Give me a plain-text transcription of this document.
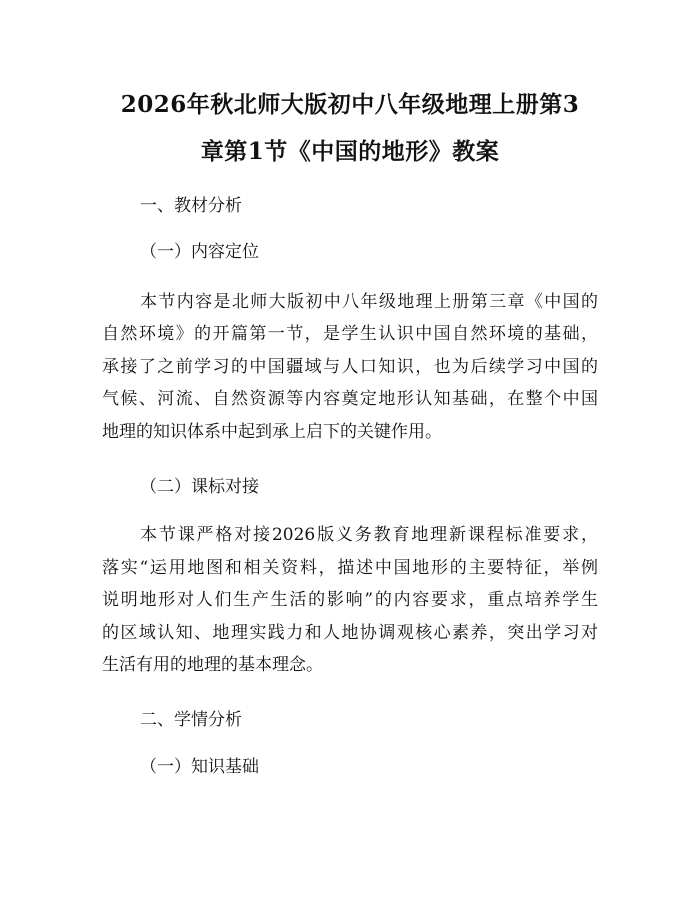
2026年秋北师大版初中八年级地理上册第3
章第1节《中国的地形》教案

一、教材分析

（一）内容定位

本节内容是北师大版初中八年级地理上册第三章《中国的

自然环境》的开篇第一节，是学生认识中国自然环境的基础，

承接了之前学习的中国疆域与人口知识，也为后续学习中国的

气候、河流、自然资源等内容奠定地形认知基础，在整个中国

地理的知识体系中起到承上启下的关键作用。

（二）课标对接

本节课严格对接2026版义务教育地理新课程标准要求，

落实“运用地图和相关资料，描述中国地形的主要特征，举例

说明地形对人们生产生活的影响”的内容要求，重点培养学生

的区域认知、地理实践力和人地协调观核心素养，突出学习对

生活有用的地理的基本理念。

二、学情分析

（一）知识基础
